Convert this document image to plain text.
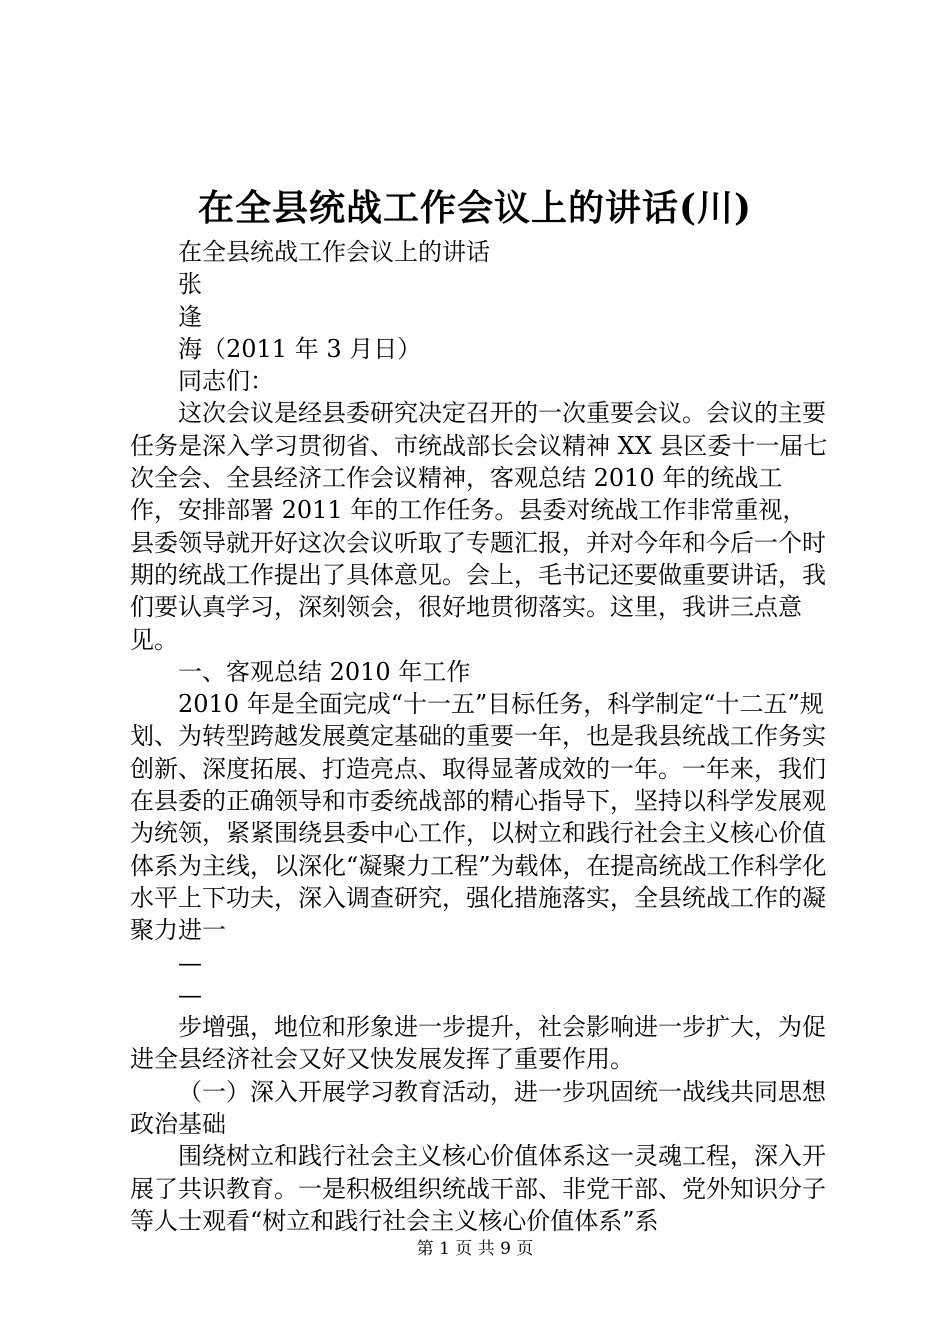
在全县统战工作会议上的讲话(川)

在全县统战工作会议上的讲话

张

逢

海（2011 年 3 月日）

同志们：

这次会议是经县委研究决定召开的一次重要会议。会议的主要任务是深入学习贯彻省、市统战部长会议精神 XX 县区委十一届七次全会、全县经济工作会议精神，客观总结 2010 年的统战工作，安排部署 2011 年的工作任务。县委对统战工作非常重视，县委领导就开好这次会议听取了专题汇报，并对今年和今后一个时期的统战工作提出了具体意见。会上，毛书记还要做重要讲话，我们要认真学习，深刻领会，很好地贯彻落实。这里，我讲三点意见。

一、客观总结 2010 年工作

2010 年是全面完成“十一五”目标任务，科学制定“十二五”规划、为转型跨越发展奠定基础的重要一年，也是我县统战工作务实创新、深度拓展、打造亮点、取得显著成效的一年。一年来，我们在县委的正确领导和市委统战部的精心指导下，坚持以科学发展观为统领，紧紧围绕县委中心工作，以树立和践行社会主义核心价值体系为主线，以深化“凝聚力工程”为载体，在提高统战工作科学化水平上下功夫，深入调查研究，强化措施落实，全县统战工作的凝聚力进一

—

—

步增强，地位和形象进一步提升，社会影响进一步扩大，为促进全县经济社会又好又快发展发挥了重要作用。

（一）深入开展学习教育活动，进一步巩固统一战线共同思想政治基础

围绕树立和践行社会主义核心价值体系这一灵魂工程，深入开展了共识教育。一是积极组织统战干部、非党干部、党外知识分子等人士观看“树立和践行社会主义核心价值体系”系

第 1 页 共 9 页
